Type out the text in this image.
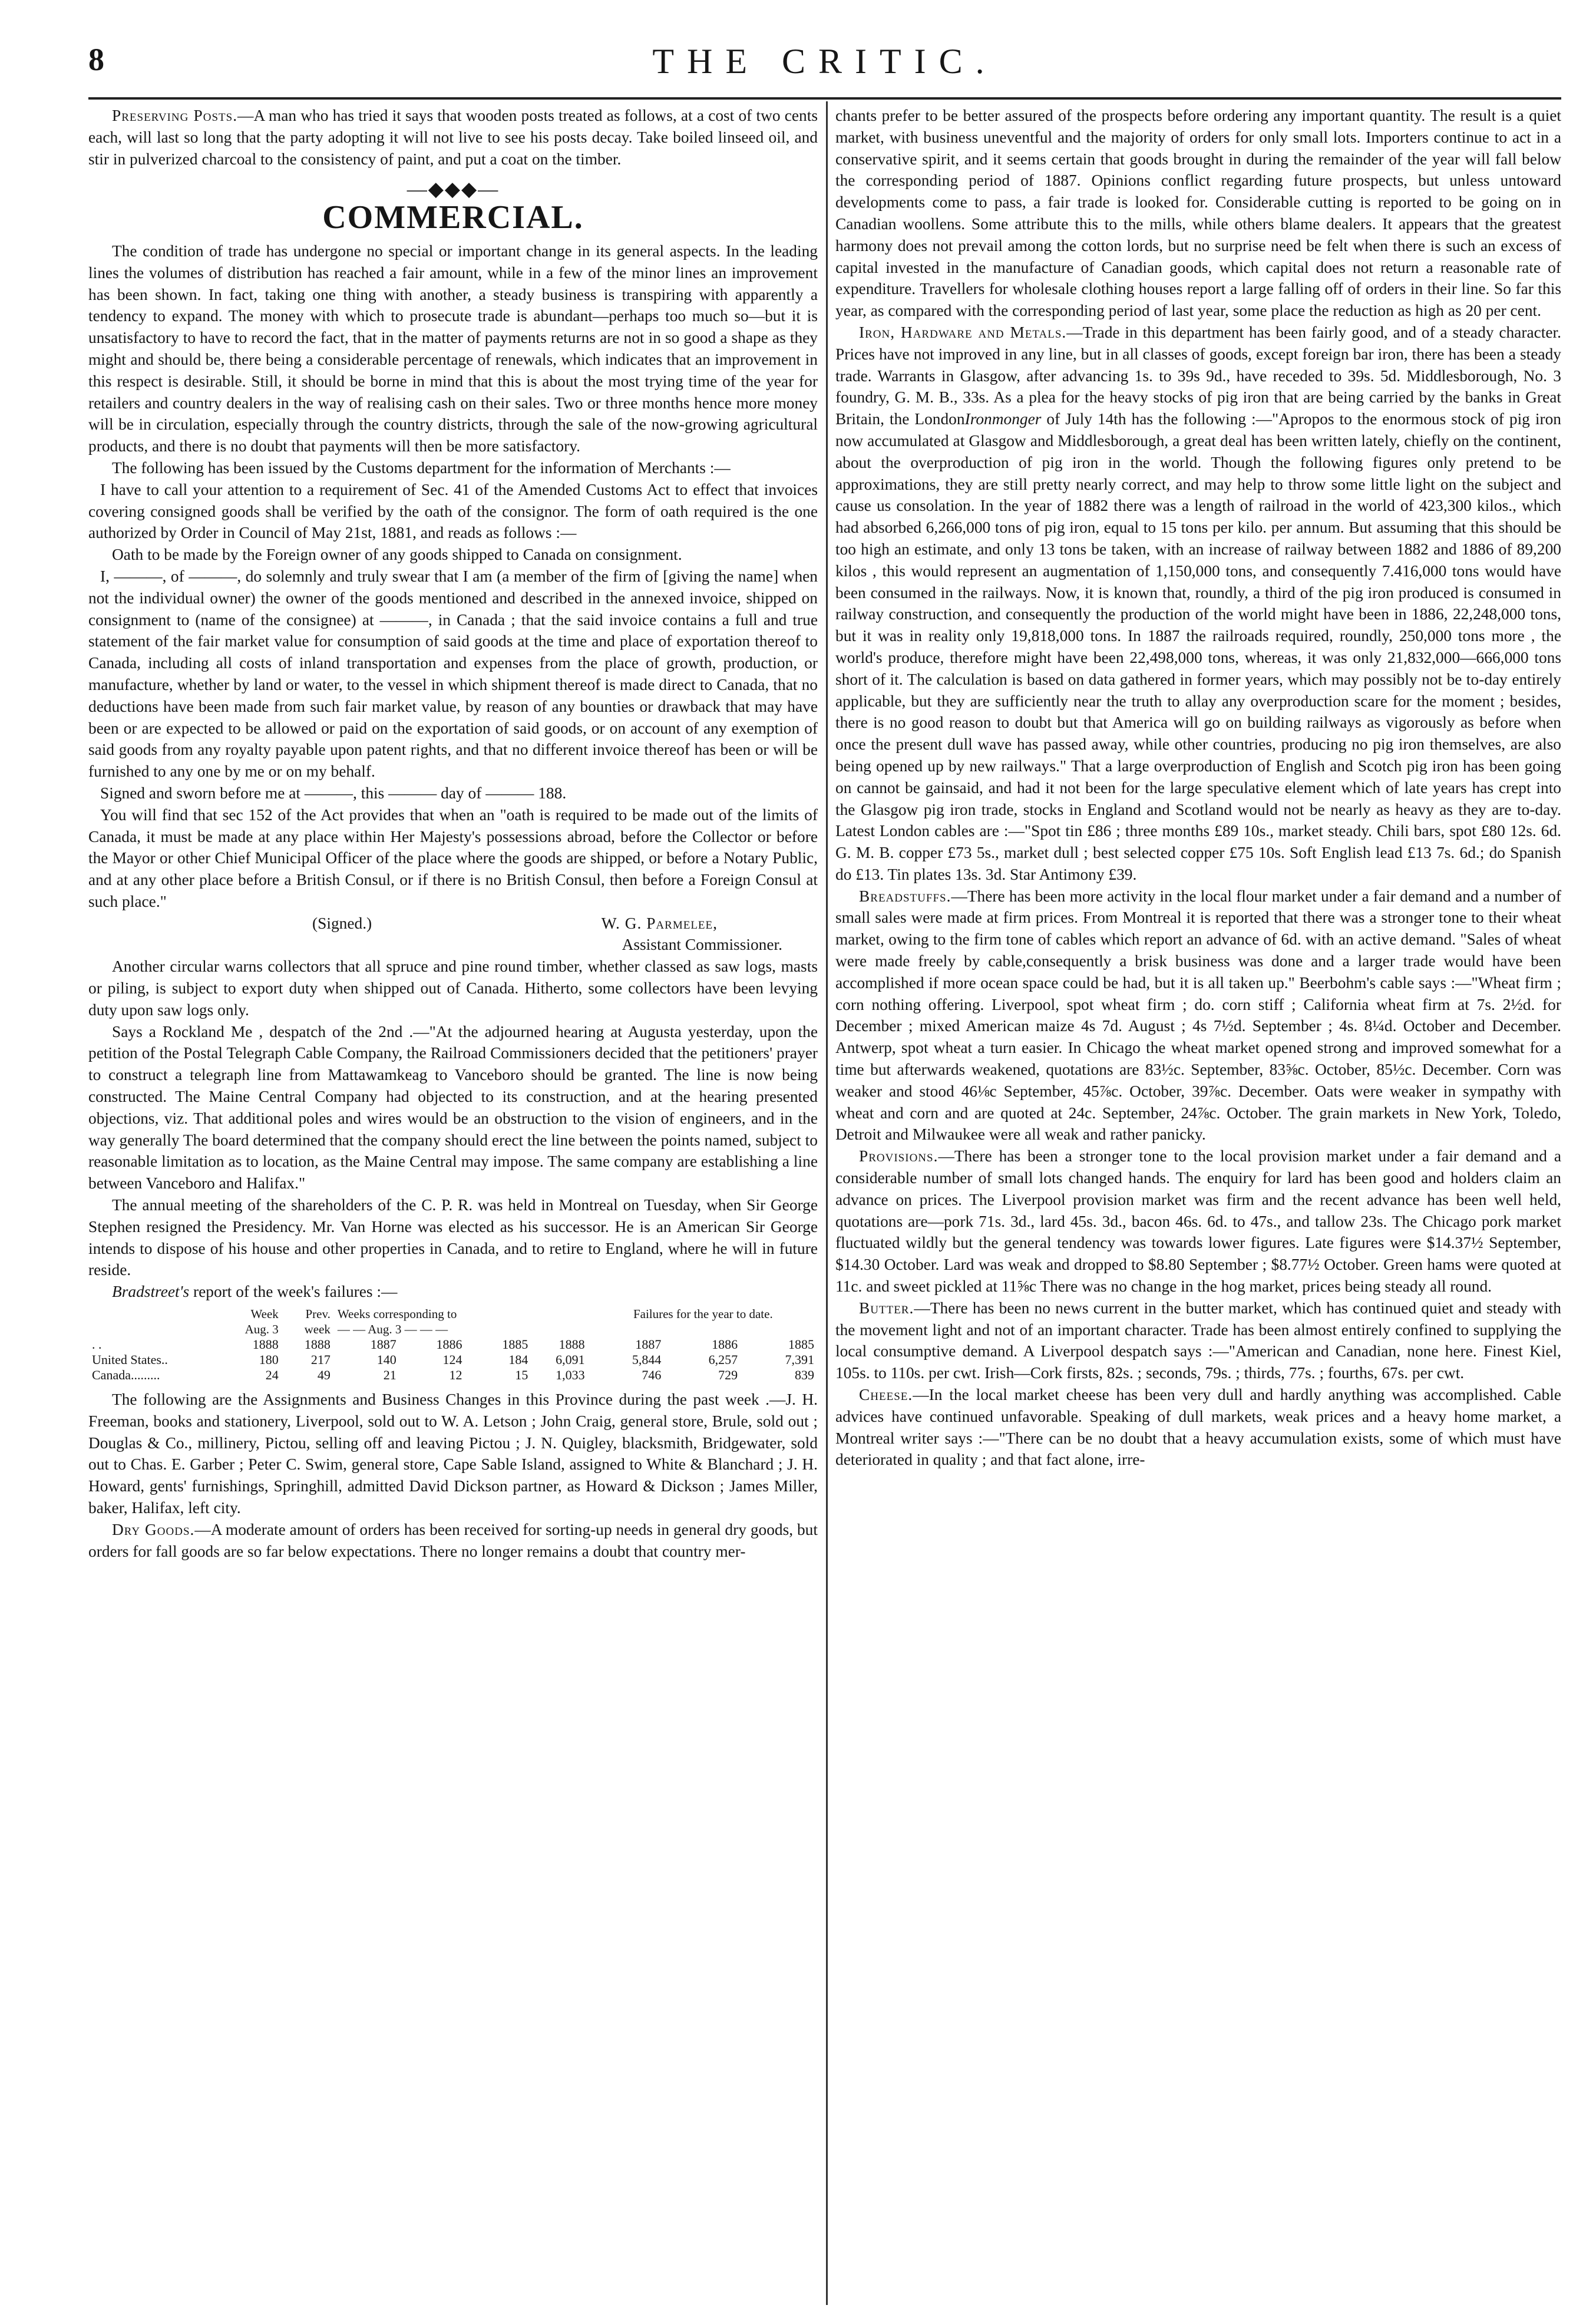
8	THE CRITIC.

Preserving Posts.—A man who has tried it says that wooden posts treated as follows, at a cost of two cents each, will last so long that the party adopting it will not live to see his posts decay. Take boiled linseed oil, and stir in pulverized charcoal to the consistency of paint, and put a coat on the timber.

—◆◆◆—
COMMERCIAL.

The condition of trade has undergone no special or important change in its general aspects. In the leading lines the volumes of distribution has reached a fair amount, while in a few of the minor lines an improvement has been shown. In fact, taking one thing with another, a steady business is transpiring with apparently a tendency to expand. The money with which to prosecute trade is abundant—perhaps too much so—but it is unsatisfactory to have to record the fact, that in the matter of payments returns are not in so good a shape as they might and should be, there being a considerable percentage of renewals, which indicates that an improvement in this respect is desirable. Still, it should be borne in mind that this is about the most trying time of the year for retailers and country dealers in the way of realising cash on their sales. Two or three months hence more money will be in circulation, especially through the country districts, through the sale of the now-growing agricultural products, and there is no doubt that payments will then be more satisfactory.

The following has been issued by the Customs department for the information of Merchants :—

I have to call your attention to a requirement of Sec. 41 of the Amended Customs Act to effect that invoices covering consigned goods shall be verified by the oath of the consignor. The form of oath required is the one authorized by Order in Council of May 21st, 1881, and reads as follows :—

Oath to be made by the Foreign owner of any goods shipped to Canada on consignment.

I, ———, of ———, do solemnly and truly swear that I am (a member of the firm of [giving the name] when not the individual owner) the owner of the goods mentioned and described in the annexed invoice, shipped on consignment to (name of the consignee) at ———, in Canada ; that the said invoice contains a full and true statement of the fair market value for consumption of said goods at the time and place of exportation thereof to Canada, including all costs of inland transportation and expenses from the place of growth, production, or manufacture, whether by land or water, to the vessel in which shipment thereof is made direct to Canada, that no deductions have been made from such fair market value, by reason of any bounties or drawback that may have been or are expected to be allowed or paid on the exportation of said goods, or on account of any exemption of said goods from any royalty payable upon patent rights, and that no different invoice thereof has been or will be furnished to any one by me or on my behalf.

Signed and sworn before me at ———, this ——— day of ——— 188.

You will find that sec 152 of the Act provides that when an "oath is required to be made out of the limits of Canada, it must be made at any place within Her Majesty's possessions abroad, before the Collector or before the Mayor or other Chief Municipal Officer of the place where the goods are shipped, or before a Notary Public, and at any other place before a British Consul, or if there is no British Consul, then before a Foreign Consul at such place."

(Signed.)	W. G. Parmelee,
Assistant Commissioner.

Another circular warns collectors that all spruce and pine round timber, whether classed as saw logs, masts or piling, is subject to export duty when shipped out of Canada. Hitherto, some collectors have been levying duty upon saw logs only.

Says a Rockland Me , despatch of the 2nd .—"At the adjourned hearing at Augusta yesterday, upon the petition of the Postal Telegraph Cable Company, the Railroad Commissioners decided that the petitioners' prayer to construct a telegraph line from Mattawamkeag to Vanceboro should be granted. The line is now being constructed. The Maine Central Company had objected to its construction, and at the hearing presented objections, viz. That additional poles and wires would be an obstruction to the vision of engineers, and in the way generally The board determined that the company should erect the line between the points named, subject to reasonable limitation as to location, as the Maine Central may impose. The same company are establishing a line between Vanceboro and Halifax."

The annual meeting of the shareholders of the C. P. R. was held in Montreal on Tuesday, when Sir George Stephen resigned the Presidency. Mr. Van Horne was elected as his successor. He is an American Sir George intends to dispose of his house and other properties in Canada, and to retire to England, where he will in future reside.

Bradstreet's report of the week's failures :—

	Week	Prev.	Weeks corresponding to				Failures for the year to date.		
	Aug. 3	week	— — Aug. 3 — — —						
. .	1888	1888	1887	1886	1885	1888	1887	1886	1885
United States..	180	217	140	124	184	6,091	5,844	6,257	7,391
Canada.........	24	49	21	12	15	1,033	746	729	839

The following are the Assignments and Business Changes in this Province during the past week .—J. H. Freeman, books and stationery, Liverpool, sold out to W. A. Letson ; John Craig, general store, Brule, sold out ; Douglas & Co., millinery, Pictou, selling off and leaving Pictou ; J. N. Quigley, blacksmith, Bridgewater, sold out to Chas. E. Garber ; Peter C. Swim, general store, Cape Sable Island, assigned to White & Blanchard ; J. H. Howard, gents' furnishings, Springhill, admitted David Dickson partner, as Howard & Dickson ; James Miller, baker, Halifax, left city.

Dry Goods.—A moderate amount of orders has been received for sorting-up needs in general dry goods, but orders for fall goods are so far below expectations. There no longer remains a doubt that country mer-

chants prefer to be better assured of the prospects before ordering any important quantity. The result is a quiet market, with business uneventful and the majority of orders for only small lots. Importers continue to act in a conservative spirit, and it seems certain that goods brought in during the remainder of the year will fall below the corresponding period of 1887. Opinions conflict regarding future prospects, but unless untoward developments come to pass, a fair trade is looked for. Considerable cutting is reported to be going on in Canadian woollens. Some attribute this to the mills, while others blame dealers. It appears that the greatest harmony does not prevail among the cotton lords, but no surprise need be felt when there is such an excess of capital invested in the manufacture of Canadian goods, which capital does not return a reasonable rate of expenditure. Travellers for wholesale clothing houses report a large falling off of orders in their line. So far this year, as compared with the corresponding period of last year, some place the reduction as high as 20 per cent.

Iron, Hardware and Metals.—Trade in this department has been fairly good, and of a steady character. Prices have not improved in any line, but in all classes of goods, except foreign bar iron, there has been a steady trade. Warrants in Glasgow, after advancing 1s. to 39s 9d., have receded to 39s. 5d. Middlesborough, No. 3 foundry, G. M. B., 33s. As a plea for the heavy stocks of pig iron that are being carried by the banks in Great Britain, the LondonIronmonger of July 14th has the following :—"Apropos to the enormous stock of pig iron now accumulated at Glasgow and Middlesborough, a great deal has been written lately, chiefly on the continent, about the overproduction of pig iron in the world. Though the following figures only pretend to be approximations, they are still pretty nearly correct, and may help to throw some little light on the subject and cause us consolation. In the year of 1882 there was a length of railroad in the world of 423,300 kilos., which had absorbed 6,266,000 tons of pig iron, equal to 15 tons per kilo. per annum. But assuming that this should be too high an estimate, and only 13 tons be taken, with an increase of railway between 1882 and 1886 of 89,200 kilos , this would represent an augmentation of 1,150,000 tons, and consequently 7.416,000 tons would have been consumed in the railways. Now, it is known that, roundly, a third of the pig iron produced is consumed in railway construction, and consequently the production of the world might have been in 1886, 22,248,000 tons, but it was in reality only 19,818,000 tons. In 1887 the railroads required, roundly, 250,000 tons more , the world's produce, therefore might have been 22,498,000 tons, whereas, it was only 21,832,000—666,000 tons short of it. The calculation is based on data gathered in former years, which may possibly not be to-day entirely applicable, but they are sufficiently near the truth to allay any overproduction scare for the moment ; besides, there is no good reason to doubt but that America will go on building railways as vigorously as before when once the present dull wave has passed away, while other countries, producing no pig iron themselves, are also being opened up by new railways." That a large overproduction of English and Scotch pig iron has been going on cannot be gainsaid, and had it not been for the large speculative element which of late years has crept into the Glasgow pig iron trade, stocks in England and Scotland would not be nearly as heavy as they are to-day. Latest London cables are :—"Spot tin £86 ; three months £89 10s., market steady. Chili bars, spot £80 12s. 6d. G. M. B. copper £73 5s., market dull ; best selected copper £75 10s. Soft English lead £13 7s. 6d.; do Spanish do £13. Tin plates 13s. 3d. Star Antimony £39.

Breadstuffs.—There has been more activity in the local flour market under a fair demand and a number of small sales were made at firm prices. From Montreal it is reported that there was a stronger tone to their wheat market, owing to the firm tone of cables which report an advance of 6d. with an active demand. "Sales of wheat were made freely by cable,consequently a brisk business was done and a larger trade would have been accomplished if more ocean space could be had, but it is all taken up." Beerbohm's cable says :—"Wheat firm ; corn nothing offering. Liverpool, spot wheat firm ; do. corn stiff ; California wheat firm at 7s. 2½d. for December ; mixed American maize 4s 7d. August ; 4s 7½d. September ; 4s. 8¼d. October and December. Antwerp, spot wheat a turn easier. In Chicago the wheat market opened strong and improved somewhat for a time but afterwards weakened, quotations are 83½c. September, 83⅝c. October, 85½c. December. Corn was weaker and stood 46⅛c September, 45⅞c. October, 39⅞c. December. Oats were weaker in sympathy with wheat and corn and are quoted at 24c. September, 24⅞c. October. The grain markets in New York, Toledo, Detroit and Milwaukee were all weak and rather panicky.

Provisions.—There has been a stronger tone to the local provision market under a fair demand and a considerable number of small lots changed hands. The enquiry for lard has been good and holders claim an advance on prices. The Liverpool provision market was firm and the recent advance has been well held, quotations are—pork 71s. 3d., lard 45s. 3d., bacon 46s. 6d. to 47s., and tallow 23s. The Chicago pork market fluctuated wildly but the general tendency was towards lower figures. Late figures were $14.37½ September, $14.30 October. Lard was weak and dropped to $8.80 September ; $8.77½ October. Green hams were quoted at 11c. and sweet pickled at 11⅝c There was no change in the hog market, prices being steady all round.

Butter.—There has been no news current in the butter market, which has continued quiet and steady with the movement light and not of an important character. Trade has been almost entirely confined to supplying the local consumptive demand. A Liverpool despatch says :—"American and Canadian, none here. Finest Kiel, 105s. to 110s. per cwt. Irish—Cork firsts, 82s. ; seconds, 79s. ; thirds, 77s. ; fourths, 67s. per cwt.

Cheese.—In the local market cheese has been very dull and hardly anything was accomplished. Cable advices have continued unfavorable. Speaking of dull markets, weak prices and a heavy home market, a Montreal writer says :—"There can be no doubt that a heavy accumulation exists, some of which must have deteriorated in quality ; and that fact alone, irre-
